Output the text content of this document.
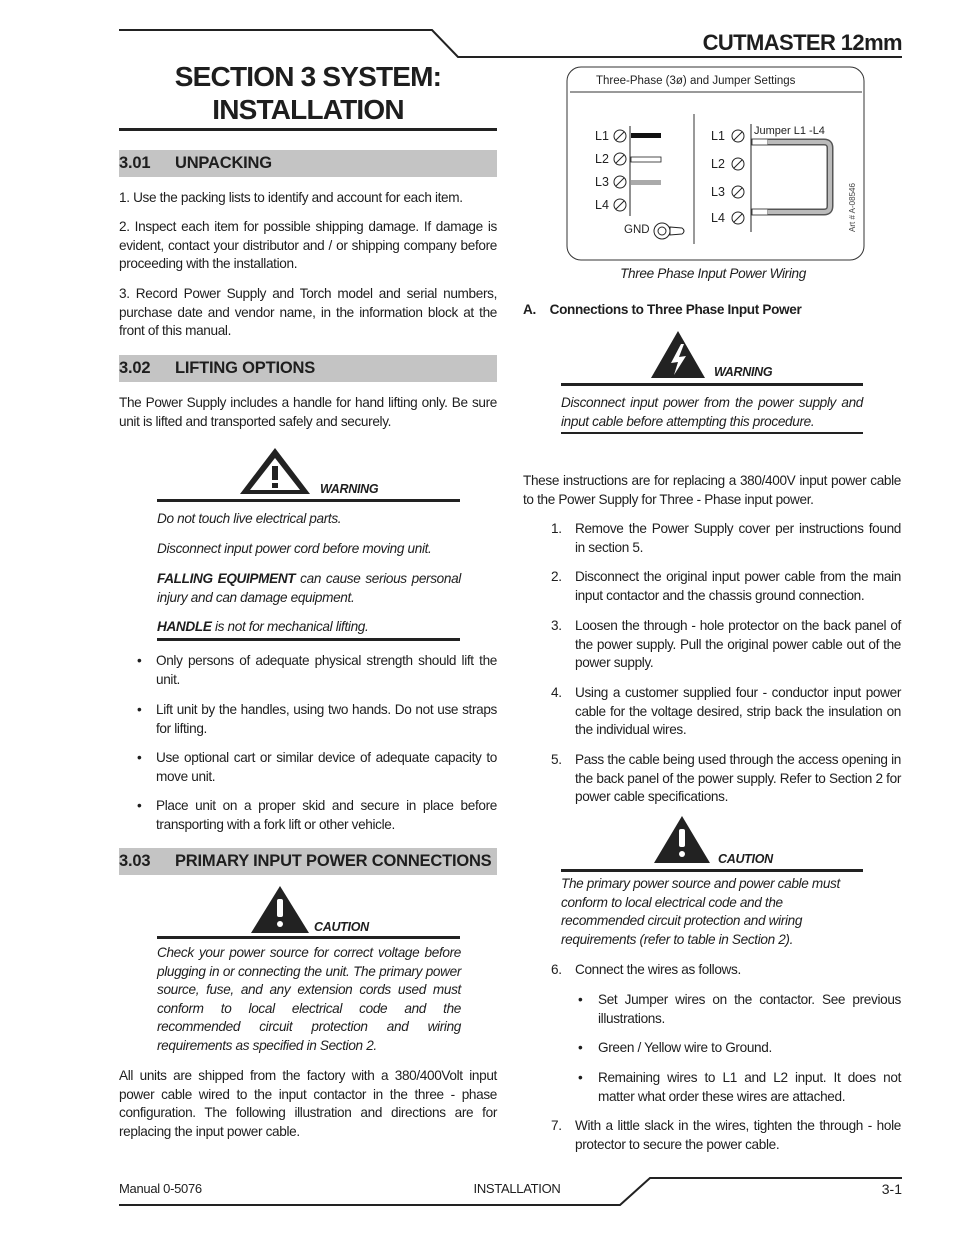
CUTMASTER 12mm
SECTION 3 SYSTEM:
INSTALLATION
3.01 UNPACKING
1. Use the packing lists to identify and account for each item.
2. Inspect each item for possible shipping damage. If damage is evident, contact your distributor and / or shipping company before proceeding with the installation.
3. Record Power Supply and Torch model and serial numbers, purchase date and vendor name, in the information block at the front of this manual.
3.02 LIFTING OPTIONS
The Power Supply includes a handle for hand lifting only. Be sure unit is lifted and transported safely and securely.
WARNING
Do not touch live electrical parts.
Disconnect input power cord before moving unit.
FALLING EQUIPMENT can cause serious personal injury and can damage equipment.
HANDLE is not for mechanical lifting.
• Only persons of adequate physical strength should lift the unit.
• Lift unit by the handles, using two hands. Do not use straps for lifting.
• Use optional cart or similar device of adequate capacity to move unit.
• Place unit on a proper skid and secure in place before transporting with a fork lift or other vehicle.
3.03 PRIMARY INPUT POWER CONNECTIONS
CAUTION
Check your power source for correct voltage before plugging in or connecting the unit. The primary power source, fuse, and any extension cords used must conform to local electrical code and the recommended circuit protection and wiring requirements as specified in Section 2.
All units are shipped from the factory with a 380/400Volt input power cable wired to the input contactor in the three - phase configuration. The following illustration and directions are for replacing the input power cable.
Three-Phase (3ø) and Jumper Settings
L1
L2
L3
L4
GND
L1
L2
L3
L4
Jumper L1 -L4
Art # A-08546
Three Phase Input Power Wiring
A.    Connections to Three Phase Input Power
WARNING
Disconnect input power from the power supply and input cable before attempting this procedure.
These instructions are for replacing a 380/400V input power cable to the Power Supply for Three - Phase input power.
1. Remove the Power Supply cover per instructions found in section 5.
2. Disconnect the original input power cable from the main input contactor and the chassis ground connection.
3. Loosen the through - hole protector on the back panel of the power supply. Pull the original power cable out of the power supply.
4. Using a customer supplied four - conductor input power cable for the voltage desired, strip back the insulation on the individual wires.
5. Pass the cable being used through the access opening in the back panel of the power supply. Refer to Section 2 for power cable specifications.
CAUTION
The primary power source and power cable must conform to local electrical code and the recommended circuit protection and wiring requirements (refer to table in Section 2).
6. Connect the wires as follows.
• Set Jumper wires on the contactor. See previous illustrations.
• Green / Yellow wire to Ground.
• Remaining wires to L1 and L2 input. It does not matter what order these wires are attached.
7. With a little slack in the wires, tighten the through - hole protector to secure the power cable.
Manual 0-5076	INSTALLATION	3-1
